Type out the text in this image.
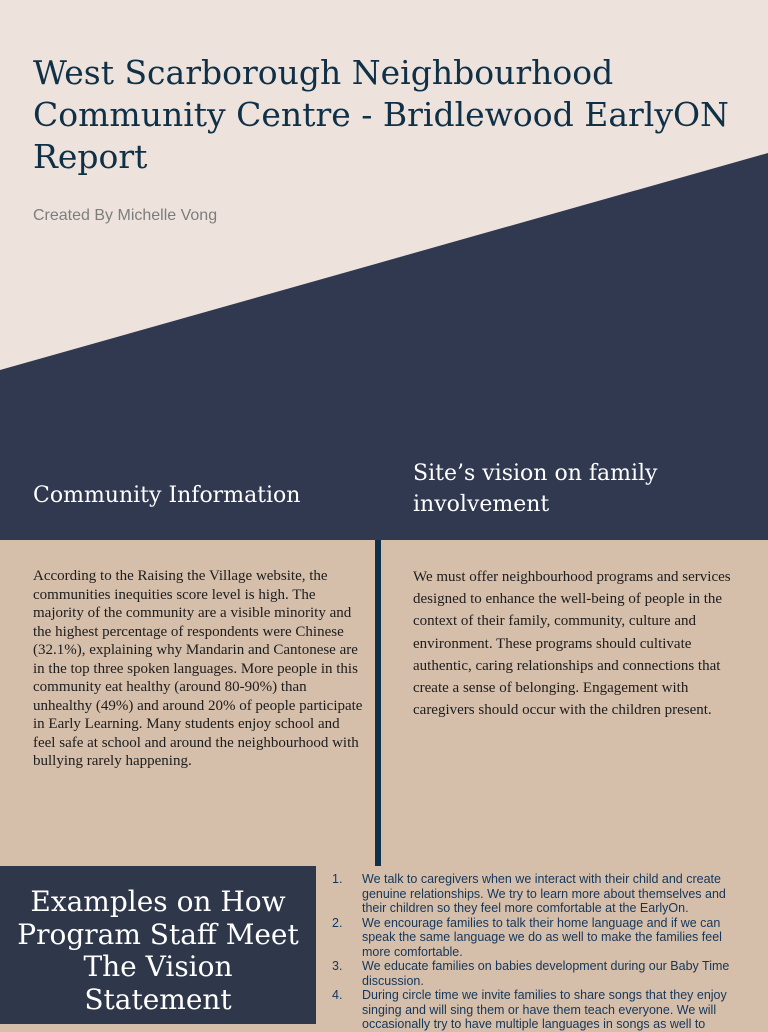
West Scarborough Neighbourhood Community Centre - Bridlewood EarlyON Report

Created By Michelle Vong

Community Information
Site’s vision on family involvement

According to the Raising the Village website, the communities inequities score level is high. The majority of the community are a visible minority and the highest percentage of respondents were Chinese (32.1%), explaining why Mandarin and Cantonese are in the top three spoken languages. More people in this community eat healthy (around 80-90%) than unhealthy (49%) and around 20% of people participate in Early Learning. Many students enjoy school and feel safe at school and around the neighbourhood with bullying rarely happening.

We must offer neighbourhood programs and services designed to enhance the well-being of people in the context of their family, community, culture and environment. These programs should cultivate authentic, caring relationships and connections that create a sense of belonging. Engagement with caregivers should occur with the children present.

Examples on How Program Staff Meet The Vision Statement
1. We talk to caregivers when we interact with their child and create genuine relationships. We try to learn more about themselves and their children so they feel more comfortable at the EarlyOn.
2. We encourage families to talk their home language and if we can speak the same language we do as well to make the families feel more comfortable.
3. We educate families on babies development during our Baby Time discussion.
4. During circle time we invite families to share songs that they enjoy singing and will sing them or have them teach everyone. We will occasionally try to have multiple languages in songs as well to
